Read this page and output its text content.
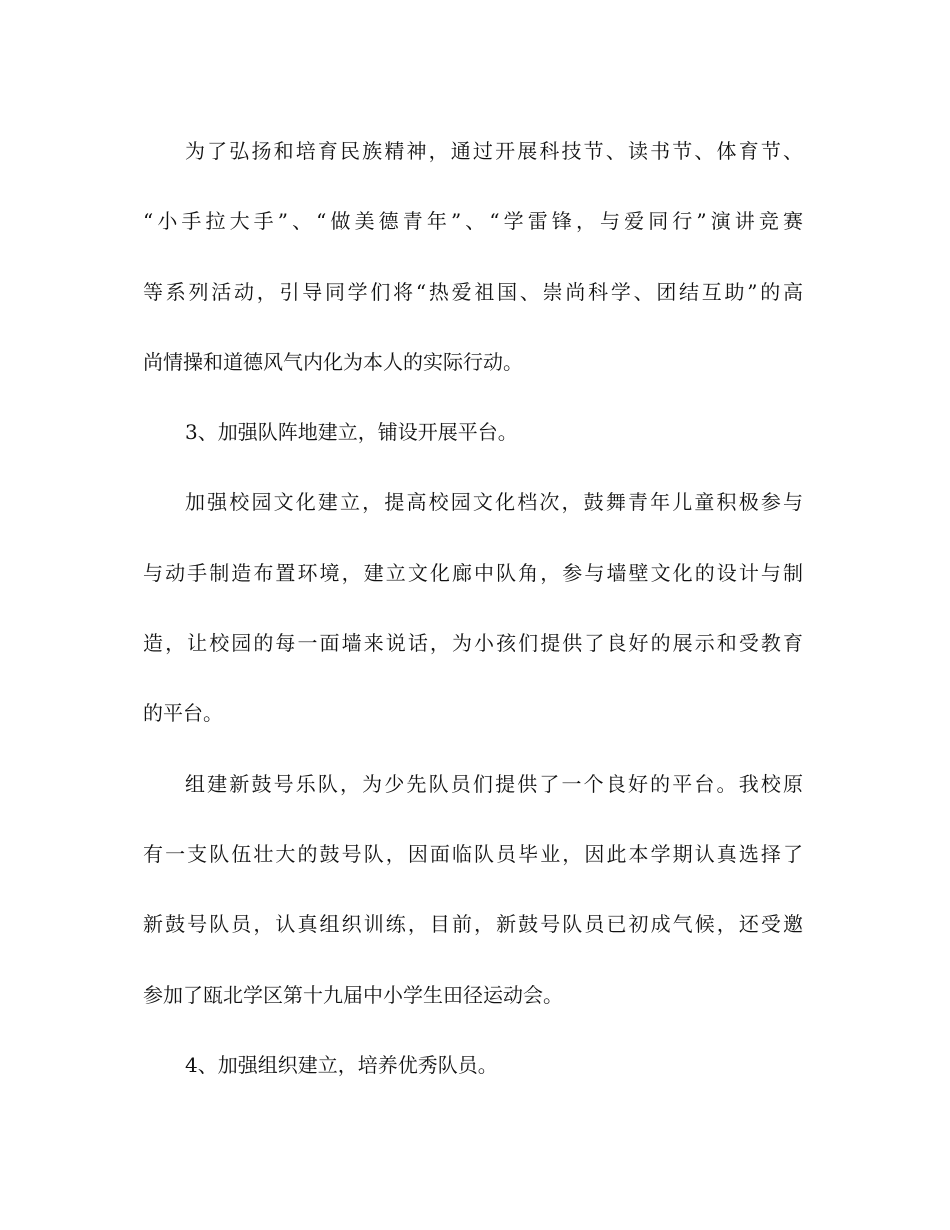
为了弘扬和培育民族精神，通过开展科技节、读书节、体育节、

“小手拉大手”、“做美德青年”、“学雷锋，与爱同行”演讲竞赛

等系列活动，引导同学们将“热爱祖国、崇尚科学、团结互助”的高

尚情操和道德风气内化为本人的实际行动。

3、加强队阵地建立，铺设开展平台。

加强校园文化建立，提高校园文化档次，鼓舞青年儿童积极参与

与动手制造布置环境，建立文化廊中队角，参与墙壁文化的设计与制

造，让校园的每一面墙来说话，为小孩们提供了良好的展示和受教育

的平台。

组建新鼓号乐队，为少先队员们提供了一个良好的平台。我校原

有一支队伍壮大的鼓号队，因面临队员毕业，因此本学期认真选择了

新鼓号队员，认真组织训练，目前，新鼓号队员已初成气候，还受邀

参加了瓯北学区第十九届中小学生田径运动会。

4、加强组织建立，培养优秀队员。
